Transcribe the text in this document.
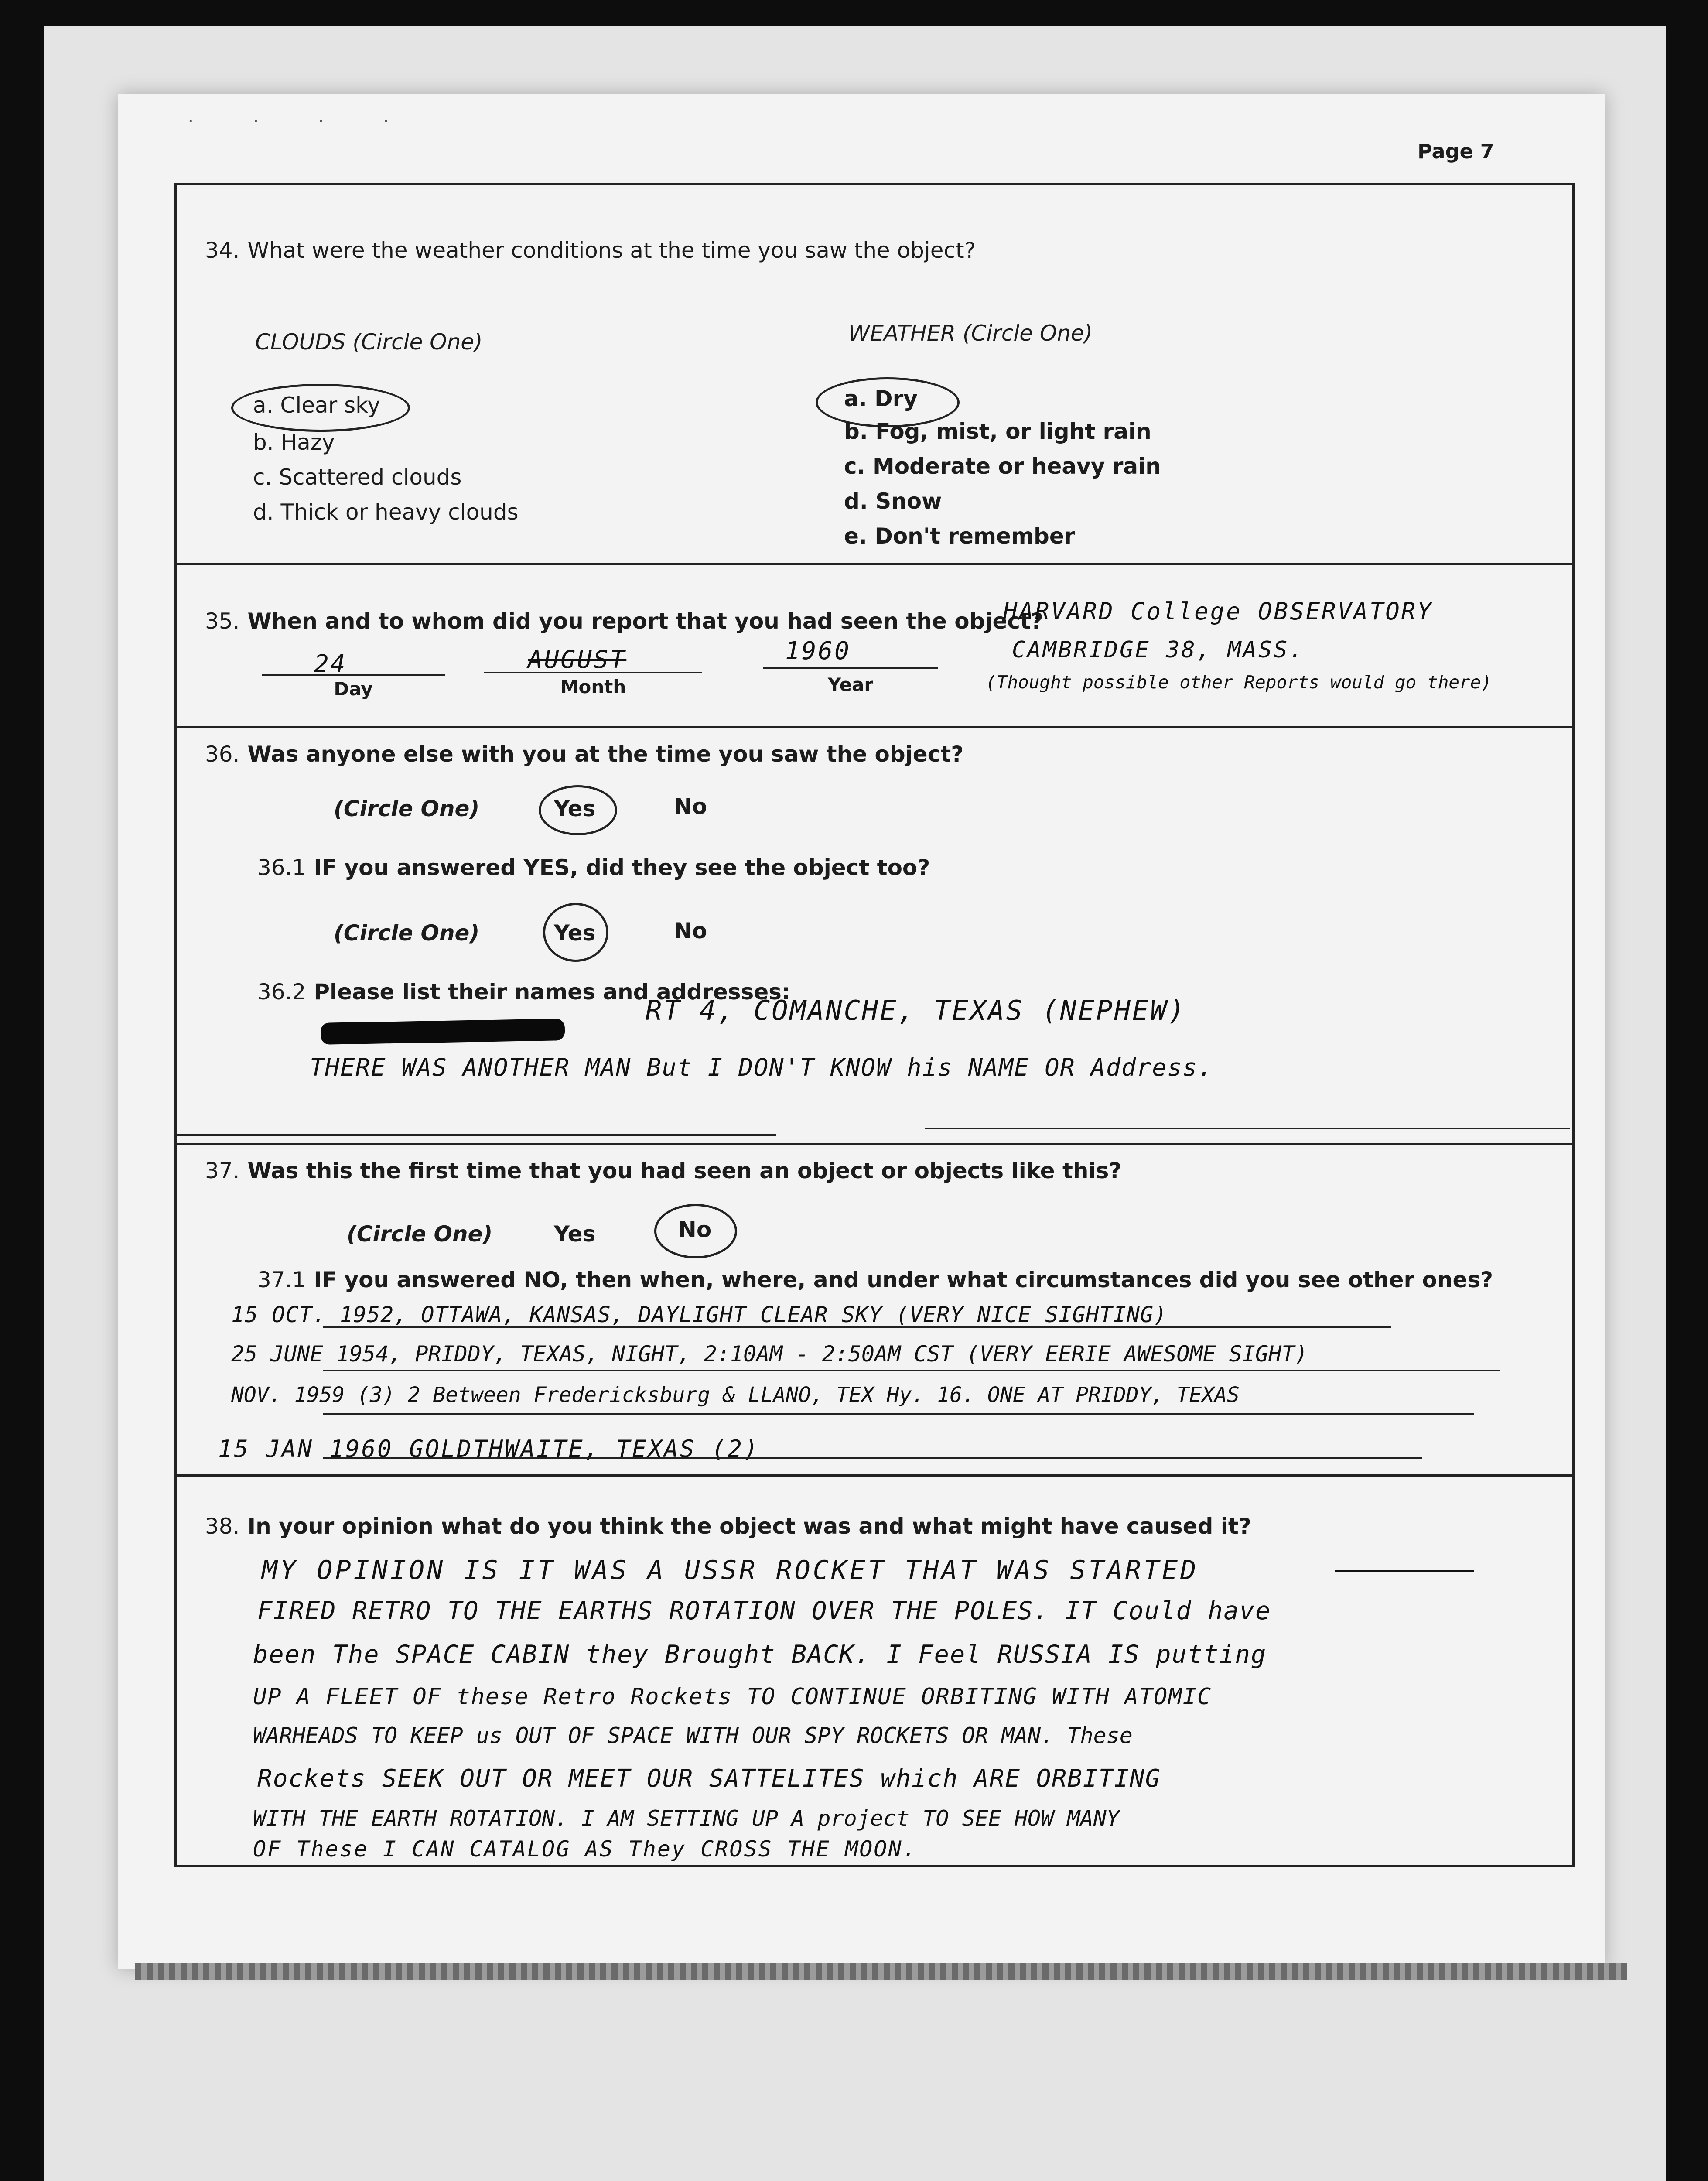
· · · ·
Page 7
34. What were the weather conditions at the time you saw the object?
CLOUDS (Circle One)	WEATHER (Circle One)
a. Clear sky
b. Hazy
c. Scattered clouds
d. Thick or heavy clouds
a. Dry
b. Fog, mist, or light rain
c. Moderate or heavy rain
d. Snow
e. Don't remember
35. When and to whom did you report that you had seen the object?
24
Day
AUGUST
Month
1960
Year
HARVARD College OBSERVATORY
CAMBRIDGE 38, MASS.
(Thought possible other Reports would go there)
36. Was anyone else with you at the time you saw the object?
(Circle One)	Yes	No
36.1 IF you answered YES, did they see the object too?
(Circle One)	Yes	No
36.2 Please list their names and addresses:
RT 4, COMANCHE, TEXAS (NEPHEW)
THERE WAS ANOTHER MAN But I DON'T KNOW his NAME OR Address.
37. Was this the first time that you had seen an object or objects like this?
(Circle One)	Yes	No
37.1 IF you answered NO, then when, where, and under what circumstances did you see other ones?
15 OCT. 1952, OTTAWA, KANSAS, DAYLIGHT CLEAR SKY (VERY NICE SIGHTING)
25 JUNE 1954, PRIDDY, TEXAS, NIGHT, 2:10AM - 2:50AM CST (VERY EERIE AWESOME SIGHT)
NOV. 1959 (3) 2 Between Fredericksburg & LLANO, TEX Hy. 16. ONE AT PRIDDY, TEXAS
15 JAN 1960 GOLDTHWAITE, TEXAS (2)
38. In your opinion what do you think the object was and what might have caused it?
MY OPINION IS IT WAS A USSR ROCKET THAT WAS STARTED
FIRED RETRO TO THE EARTHS ROTATION OVER THE POLES. IT Could have
been The SPACE CABIN they Brought BACK. I Feel RUSSIA IS putting
UP A FLEET OF these Retro Rockets TO CONTINUE ORBITING WITH ATOMIC
WARHEADS TO KEEP us OUT OF SPACE WITH OUR SPY ROCKETS OR MAN. These
Rockets SEEK OUT OR MEET OUR SATTELITES which ARE ORBITING
WITH THE EARTH ROTATION. I AM SETTING UP A project TO SEE HOW MANY
OF These I CAN CATALOG AS They CROSS THE MOON.
